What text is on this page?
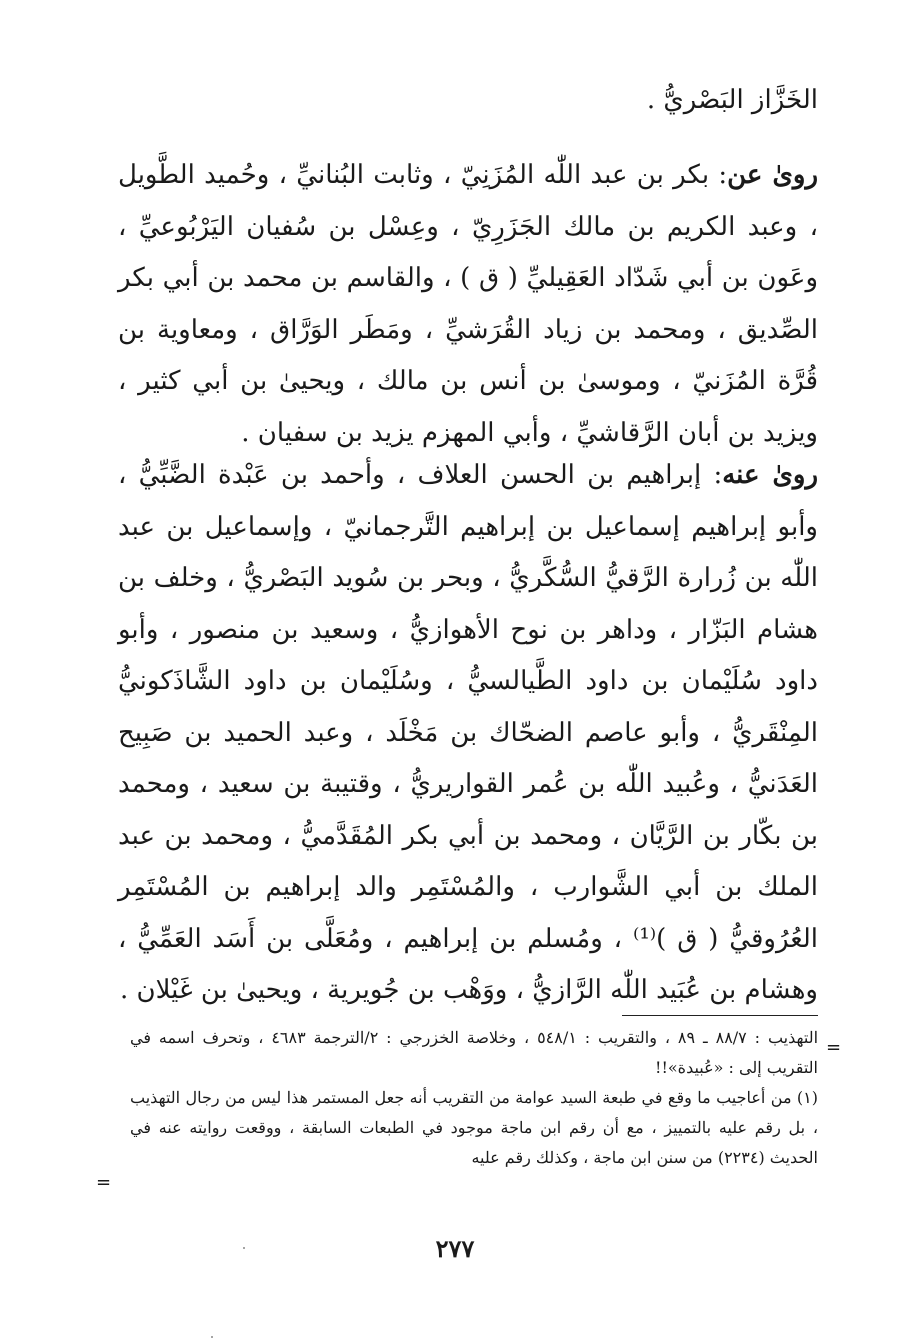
الخَزَّاز البَصْريُّ .

روىٰ عن: بكر بن عبد اللّٰه المُزَنِيّ ، وثابت البُنانيِّ ، وحُميد الطَّويل ، وعبد الكريم بن مالك الجَزَرِيّ ، وعِسْل بن سُفيان اليَرْبُوعيِّ ، وعَون بن أبي شَدّاد العَقِيليِّ ( ق ) ، والقاسم بن محمد بن أبي بكر الصِّديق ، ومحمد بن زياد القُرَشيِّ ، ومَطَر الوَرَّاق ، ومعاوية بن قُرَّة المُزَنيّ ، وموسىٰ بن أنس بن مالك ، ويحيىٰ بن أبي كثير ، ويزيد بن أبان الرَّقاشيِّ ، وأبي المهزم يزيد بن سفيان .

روىٰ عنه: إبراهيم بن الحسن العلاف ، وأحمد بن عَبْدة الضَّبِّيُّ ، وأبو إبراهيم إسماعيل بن إبراهيم التَّرجمانيّ ، وإسماعيل بن عبد اللّٰه بن زُرارة الرَّقيُّ السُّكَّريُّ ، وبحر بن سُويد البَصْريُّ ، وخلف بن هشام البَزّار ، وداهر بن نوح الأهوازيُّ ، وسعيد بن منصور ، وأبو داود سُلَيْمان بن داود الطَّيالسيُّ ، وسُلَيْمان بن داود الشَّاذَكونيُّ المِنْقَريُّ ، وأبو عاصم الضحّاك بن مَخْلَد ، وعبد الحميد بن صَبِيح العَدَنيُّ ، وعُبيد اللّٰه بن عُمر القواريريُّ ، وقتيبة بن سعيد ، ومحمد بن بكّار بن الرَّيَّان ، ومحمد بن أبي بكر المُقَدَّميُّ ، ومحمد بن عبد الملك بن أبي الشَّوارب ، والمُسْتَمِر والد إبراهيم بن المُسْتَمِر العُرُوقيُّ ( ق )⁽¹⁾ ، ومُسلم بن إبراهيم ، ومُعَلَّى بن أَسَد العَمِّيُّ ، وهشام بن عُبَيد اللّٰه الرَّازيُّ ، ووَهْب بن جُويرية ، ويحيىٰ بن غَيْلان .

=
=

التهذيب : ٨٨/٧ ـ ٨٩ ، والتقريب : ٥٤٨/١ ، وخلاصة الخزرجي : ٢/الترجمة ٤٦٨٣ ، وتحرف اسمه في التقريب إلى : «عُبيدة»!!

(١) من أعاجيب ما وقع في طبعة السيد عوامة من التقريب أنه جعل المستمر هذا ليس من رجال التهذيب ، بل رقم عليه بالتمييز ، مع أن رقم ابن ماجة موجود في الطبعات السابقة ، ووقعت روايته عنه في الحديث (٢٢٣٤) من سنن ابن ماجة ، وكذلك رقم عليه

٢٧٧
